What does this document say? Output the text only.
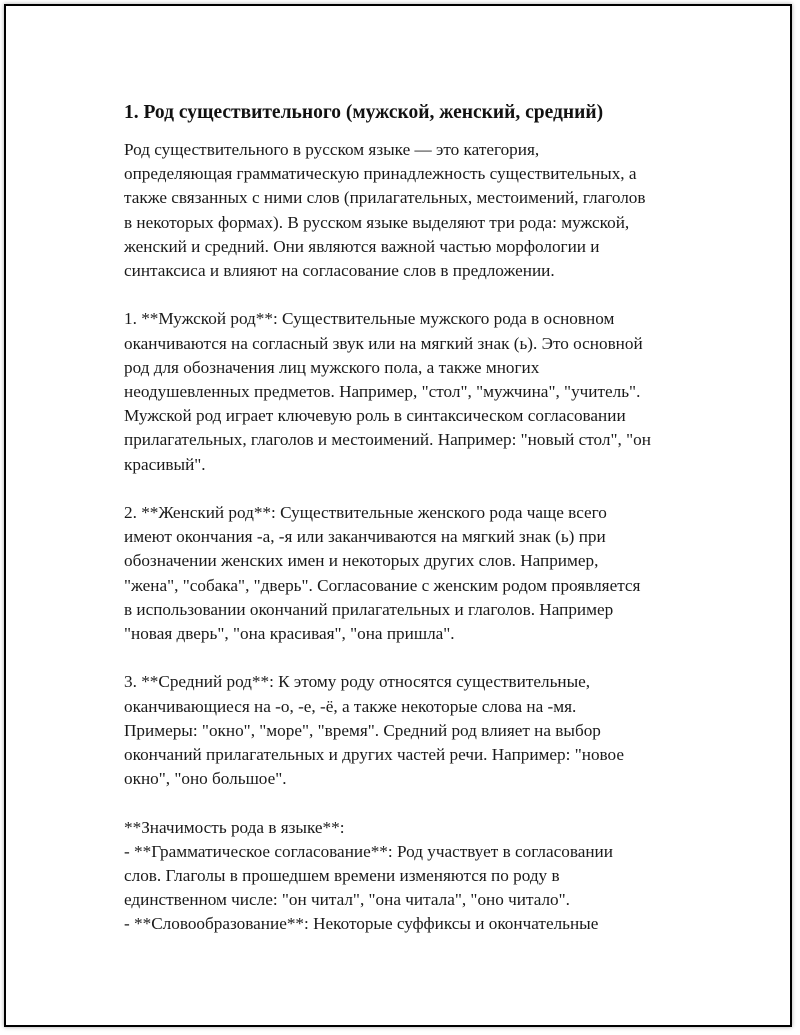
1. Род существительного (мужской, женский, средний)

Род существительного в русском языке — это категория,
определяющая грамматическую принадлежность существительных, а
также связанных с ними слов (прилагательных, местоимений, глаголов
в некоторых формах). В русском языке выделяют три рода: мужской,
женский и средний. Они являются важной частью морфологии и
синтаксиса и влияют на согласование слов в предложении.

1. **Мужской род**: Существительные мужского рода в основном
оканчиваются на согласный звук или на мягкий знак (ь). Это основной
род для обозначения лиц мужского пола, а также многих
неодушевленных предметов. Например, "стол", "мужчина", "учитель".
Мужской род играет ключевую роль в синтаксическом согласовании
прилагательных, глаголов и местоимений. Например: "новый стол", "он
красивый".

2. **Женский род**: Существительные женского рода чаще всего
имеют окончания -а, -я или заканчиваются на мягкий знак (ь) при
обозначении женских имен и некоторых других слов. Например,
"жена", "собака", "дверь". Согласование с женским родом проявляется
в использовании окончаний прилагательных и глаголов. Например
"новая дверь", "она красивая", "она пришла".

3. **Средний род**: К этому роду относятся существительные,
оканчивающиеся на -о, -е, -ё, а также некоторые слова на -мя.
Примеры: "окно", "море", "время". Средний род влияет на выбор
окончаний прилагательных и других частей речи. Например: "новое
окно", "оно большое".

**Значимость рода в языке**:
- **Грамматическое согласование**: Род участвует в согласовании
слов. Глаголы в прошедшем времени изменяются по роду в
единственном числе: "он читал", "она читала", "оно читало".
- **Словообразование**: Некоторые суффиксы и окончательные
